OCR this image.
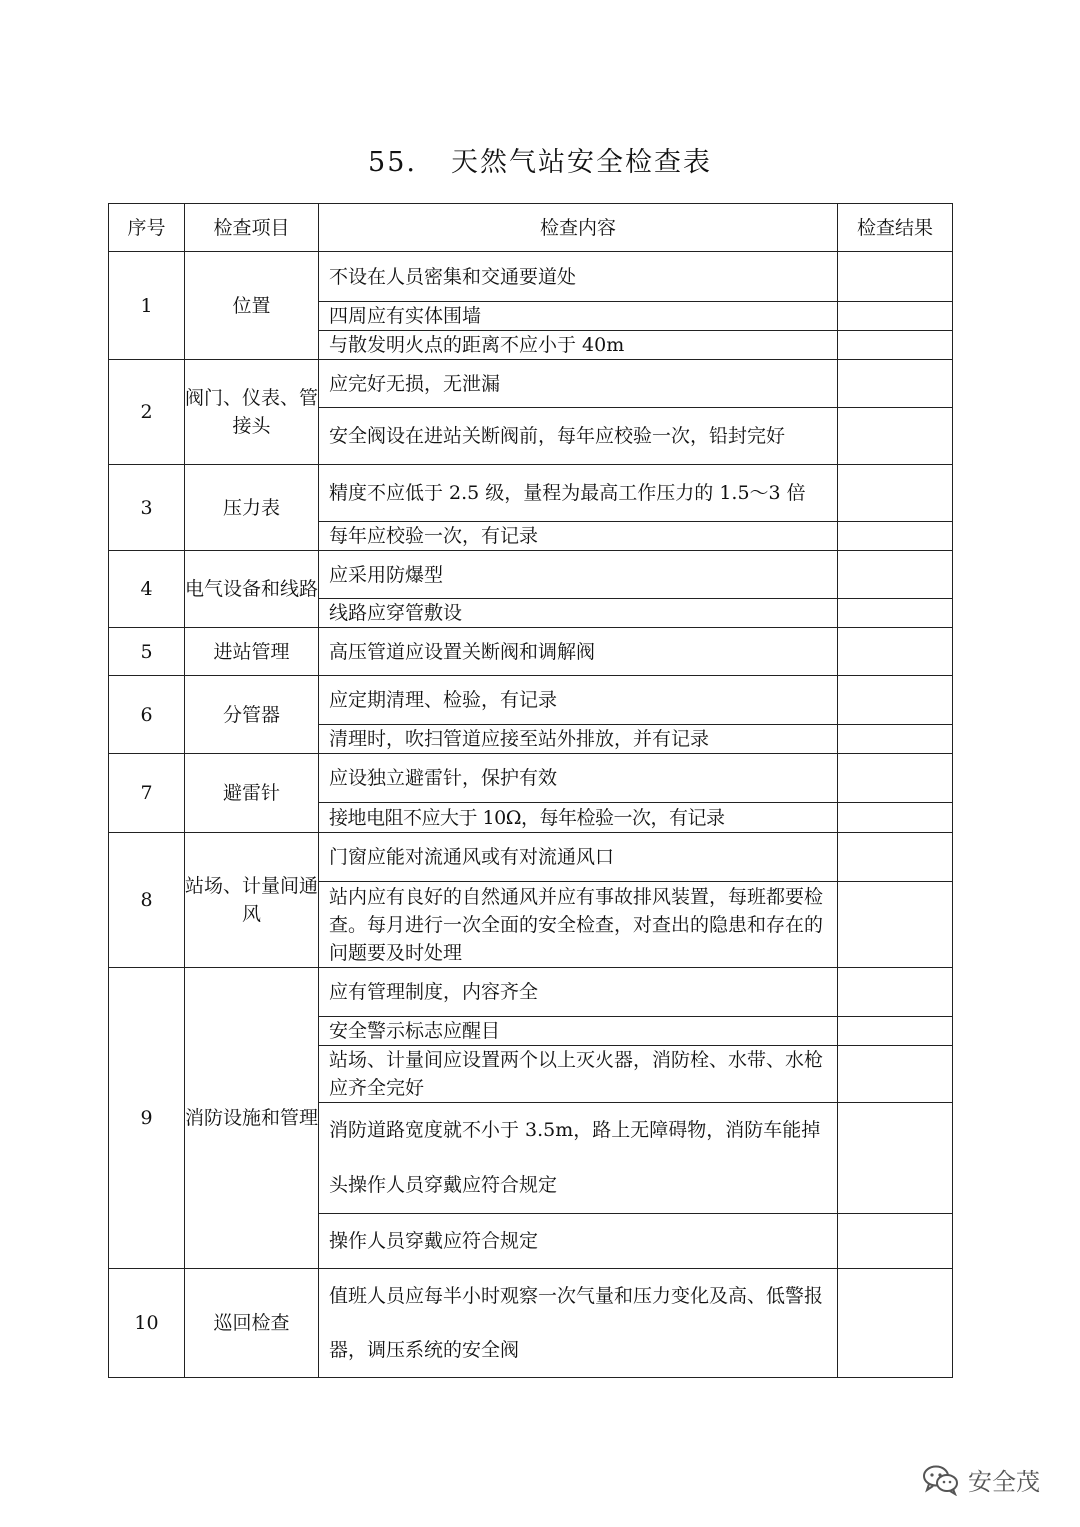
55. 天然气站安全检查表
序号	检查项目	检查内容	检查结果
1	位置	不设在人员密集和交通要道处	
		四周应有实体围墙	
		与散发明火点的距离不应小于 40m	
2	阀门、仪表、管接头	应完好无损，无泄漏	
		安全阀设在进站关断阀前，每年应校验一次，铅封完好	
3	压力表	精度不应低于 2.5 级，量程为最高工作压力的 1.5～3 倍	
		每年应校验一次，有记录	
4	电气设备和线路	应采用防爆型	
		线路应穿管敷设	
5	进站管理	高压管道应设置关断阀和调解阀	
6	分管器	应定期清理、检验，有记录	
		清理时，吹扫管道应接至站外排放，并有记录	
7	避雷针	应设独立避雷针，保护有效	
		接地电阻不应大于 10Ω，每年检验一次，有记录	
8	站场、计量间通风	门窗应能对流通风或有对流通风口	
		站内应有良好的自然通风并应有事故排风装置，每班都要检查。每月进行一次全面的安全检查，对查出的隐患和存在的问题要及时处理	
9	消防设施和管理	应有管理制度，内容齐全	
		安全警示标志应醒目	
		站场、计量间应设置两个以上灭火器，消防栓、水带、水枪应齐全完好	
		消防道路宽度就不小于 3.5m，路上无障碍物，消防车能掉头操作人员穿戴应符合规定	
		操作人员穿戴应符合规定	
10	巡回检查	值班人员应每半小时观察一次气量和压力变化及高、低警报器，调压系统的安全阀	
安全茂
